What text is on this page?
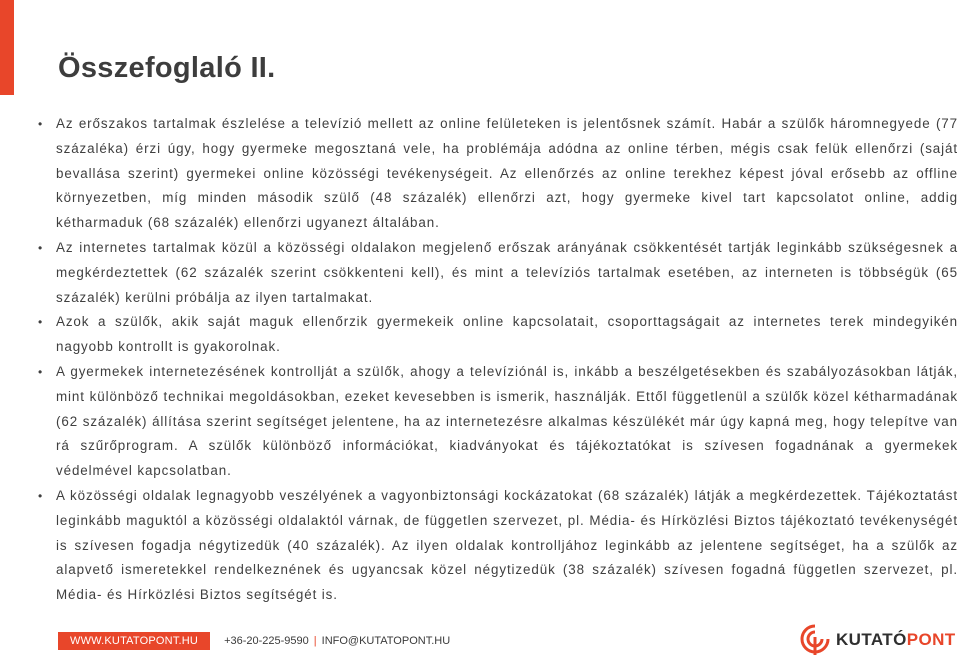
Összefoglaló II.
• Az erőszakos tartalmak észlelése a televízió mellett az online felületeken is jelentősnek számít. Habár a szülők háromnegyede (77 százaléka) érzi úgy, hogy gyermeke megosztaná vele, ha problémája adódna az online térben, mégis csak felük ellenőrzi (saját bevallása szerint) gyermekei online közösségi tevékenységeit. Az ellenőrzés az online terekhez képest jóval erősebb az offline környezetben, míg minden második szülő (48 százalék) ellenőrzi azt, hogy gyermeke kivel tart kapcsolatot online, addig kétharmaduk (68 százalék) ellenőrzi ugyanezt általában.
• Az internetes tartalmak közül a közösségi oldalakon megjelenő erőszak arányának csökkentését tartják leginkább szükségesnek a megkérdeztettek (62 százalék szerint csökkenteni kell), és mint a televíziós tartalmak esetében, az interneten is többségük (65 százalék) kerülni próbálja az ilyen tartalmakat.
• Azok a szülők, akik saját maguk ellenőrzik gyermekeik online kapcsolatait, csoporttagságait az internetes terek mindegyikén nagyobb kontrollt is gyakorolnak.
• A gyermekek internetezésének kontrollját a szülők, ahogy a televíziónál is, inkább a beszélgetésekben és szabályozásokban látják, mint különböző technikai megoldásokban, ezeket kevesebben is ismerik, használják. Ettől függetlenül a szülők közel kétharmadának (62 százalék) állítása szerint segítséget jelentene, ha az internetezésre alkalmas készülékét már úgy kapná meg, hogy telepítve van rá szűrőprogram. A szülők különböző információkat, kiadványokat és tájékoztatókat is szívesen fogadnának a gyermekek védelmével kapcsolatban.
• A közösségi oldalak legnagyobb veszélyének a vagyonbiztonsági kockázatokat (68 százalék) látják a megkérdezettek. Tájékoztatást leginkább maguktól a közösségi oldalaktól várnak, de független szervezet, pl. Média- és Hírközlési Biztos tájékoztató tevékenységét is szívesen fogadja négytizedük (40 százalék). Az ilyen oldalak kontrolljához leginkább az jelentene segítséget, ha a szülők az alapvető ismeretekkel rendelkeznének és ugyancsak közel négytizedük (38 százalék) szívesen fogadná független szervezet, pl. Média- és Hírközlési Biztos segítségét is.
WWW.KUTATOPONT.HU	+36-20-225-9590 | INFO@KUTATOPONT.HU	KUTATÓPONT
